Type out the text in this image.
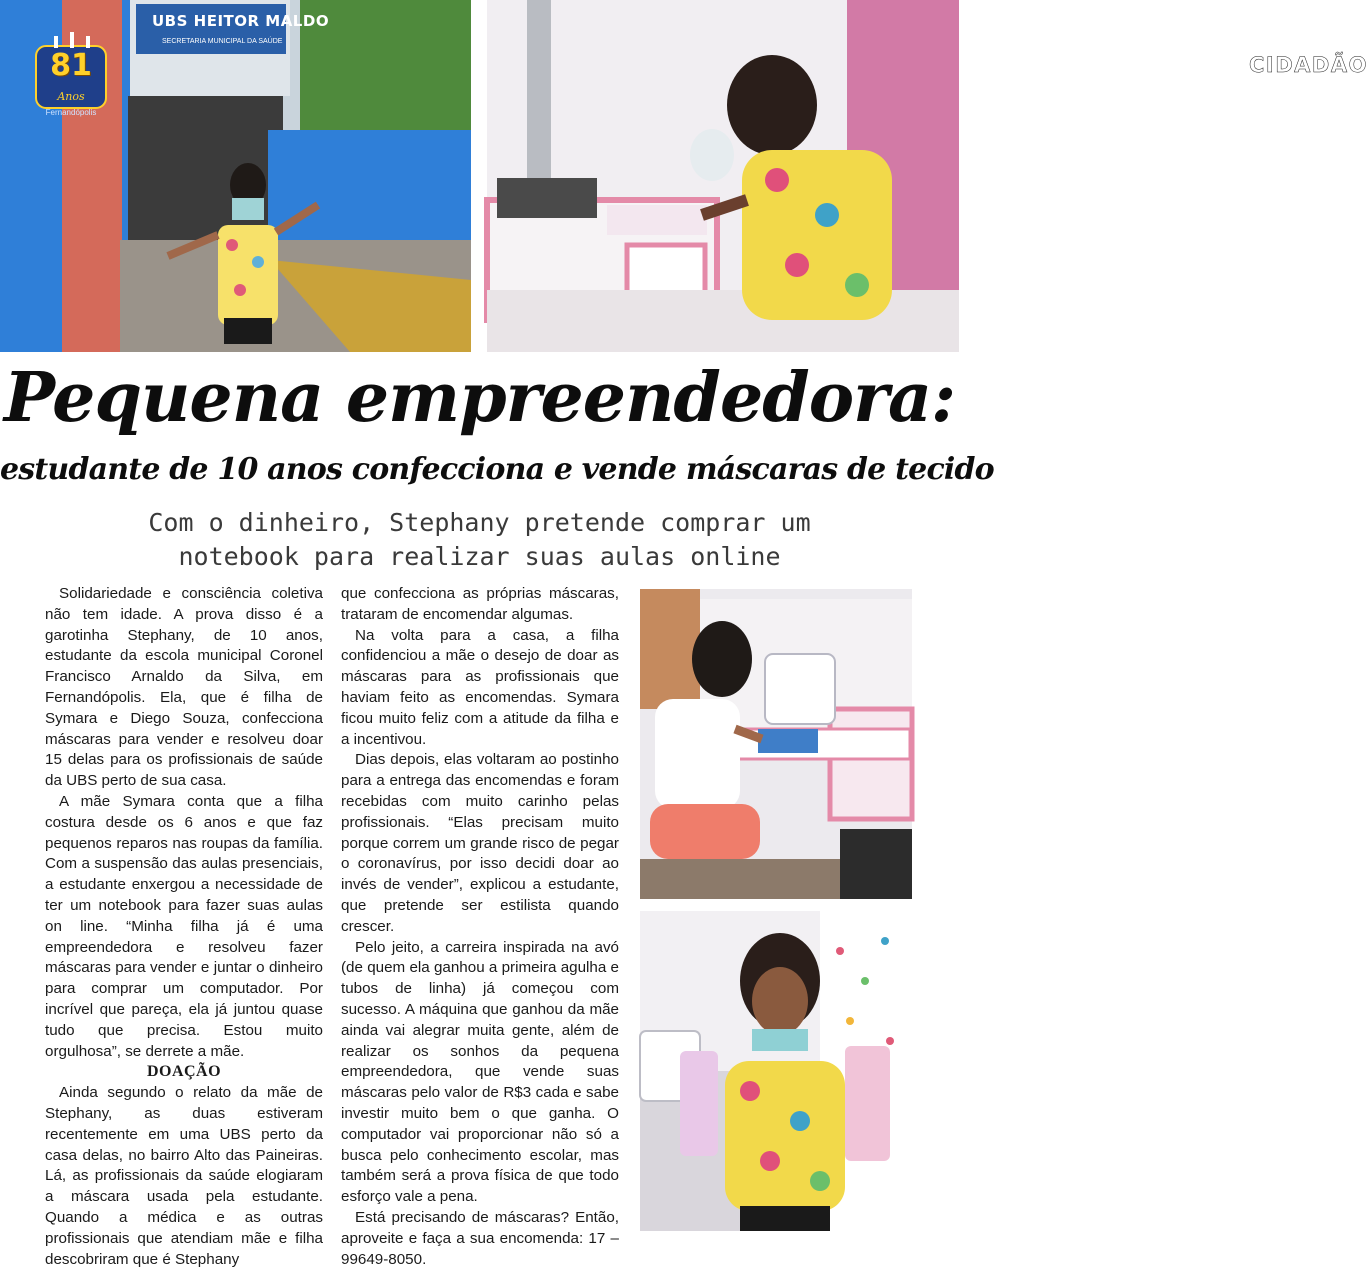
81
Anos
Fernandópolis
UBS HEITOR MALDO
SECRETARIA MUNICIPAL DA SAÚDE
Jornal
CIDADÃO
Pequena empreendedora:
estudante de 10 anos confecciona e vende máscaras de tecido
Com o dinheiro, Stephany pretende comprar um
notebook para realizar suas aulas online

Solidariedade e consciência coletiva não tem idade. A prova disso é a garotinha Stephany, de 10 anos, estudante da escola municipal Coronel Francisco Arnaldo da Silva, em Fernandópolis. Ela, que é filha de Symara e Diego Souza, confecciona máscaras para vender e resolveu doar 15 delas para os profissionais de saúde da UBS perto de sua casa.

A mãe Symara conta que a filha costura desde os 6 anos e que faz pequenos reparos nas roupas da família. Com a suspensão das aulas presenciais, a estudante enxergou a necessidade de ter um notebook para fazer suas aulas on line. “Minha filha já é uma empreendedora e resolveu fazer máscaras para vender e juntar o dinheiro para comprar um computador. Por incrível que pareça, ela já juntou quase tudo que precisa. Estou muito orgulhosa”, se derrete a mãe.

DOAÇÃO

Ainda segundo o relato da mãe de Stephany, as duas estiveram recentemente em uma UBS perto da casa delas, no bairro Alto das Paineiras. Lá, as profissionais da saúde elogiaram a máscara usada pela estudante. Quando a médica e as outras profissionais que atendiam mãe e filha descobriram que é Stephany

que confecciona as próprias máscaras, trataram de encomendar algumas.

Na volta para a casa, a filha confidenciou a mãe o desejo de doar as máscaras para as profissionais que haviam feito as encomendas. Symara ficou muito feliz com a atitude da filha e a incentivou.

Dias depois, elas voltaram ao postinho para a entrega das encomendas e foram recebidas com muito carinho pelas profissionais. “Elas precisam muito porque correm um grande risco de pegar o coronavírus, por isso decidi doar ao invés de vender”, explicou a estudante, que pretende ser estilista quando crescer.

Pelo jeito, a carreira inspirada na avó (de quem ela ganhou a primeira agulha e tubos de linha) já começou com sucesso. A máquina que ganhou da mãe ainda vai alegrar muita gente, além de realizar os sonhos da pequena empreendedora, que vende suas máscaras pelo valor de R$3 cada e sabe investir muito bem o que ganha. O computador vai proporcionar não só a busca pelo conhecimento escolar, mas também será a prova física de que todo esforço vale a pena.

Está precisando de máscaras? Então, aproveite e faça a sua encomenda: 17 – 99649-8050.
